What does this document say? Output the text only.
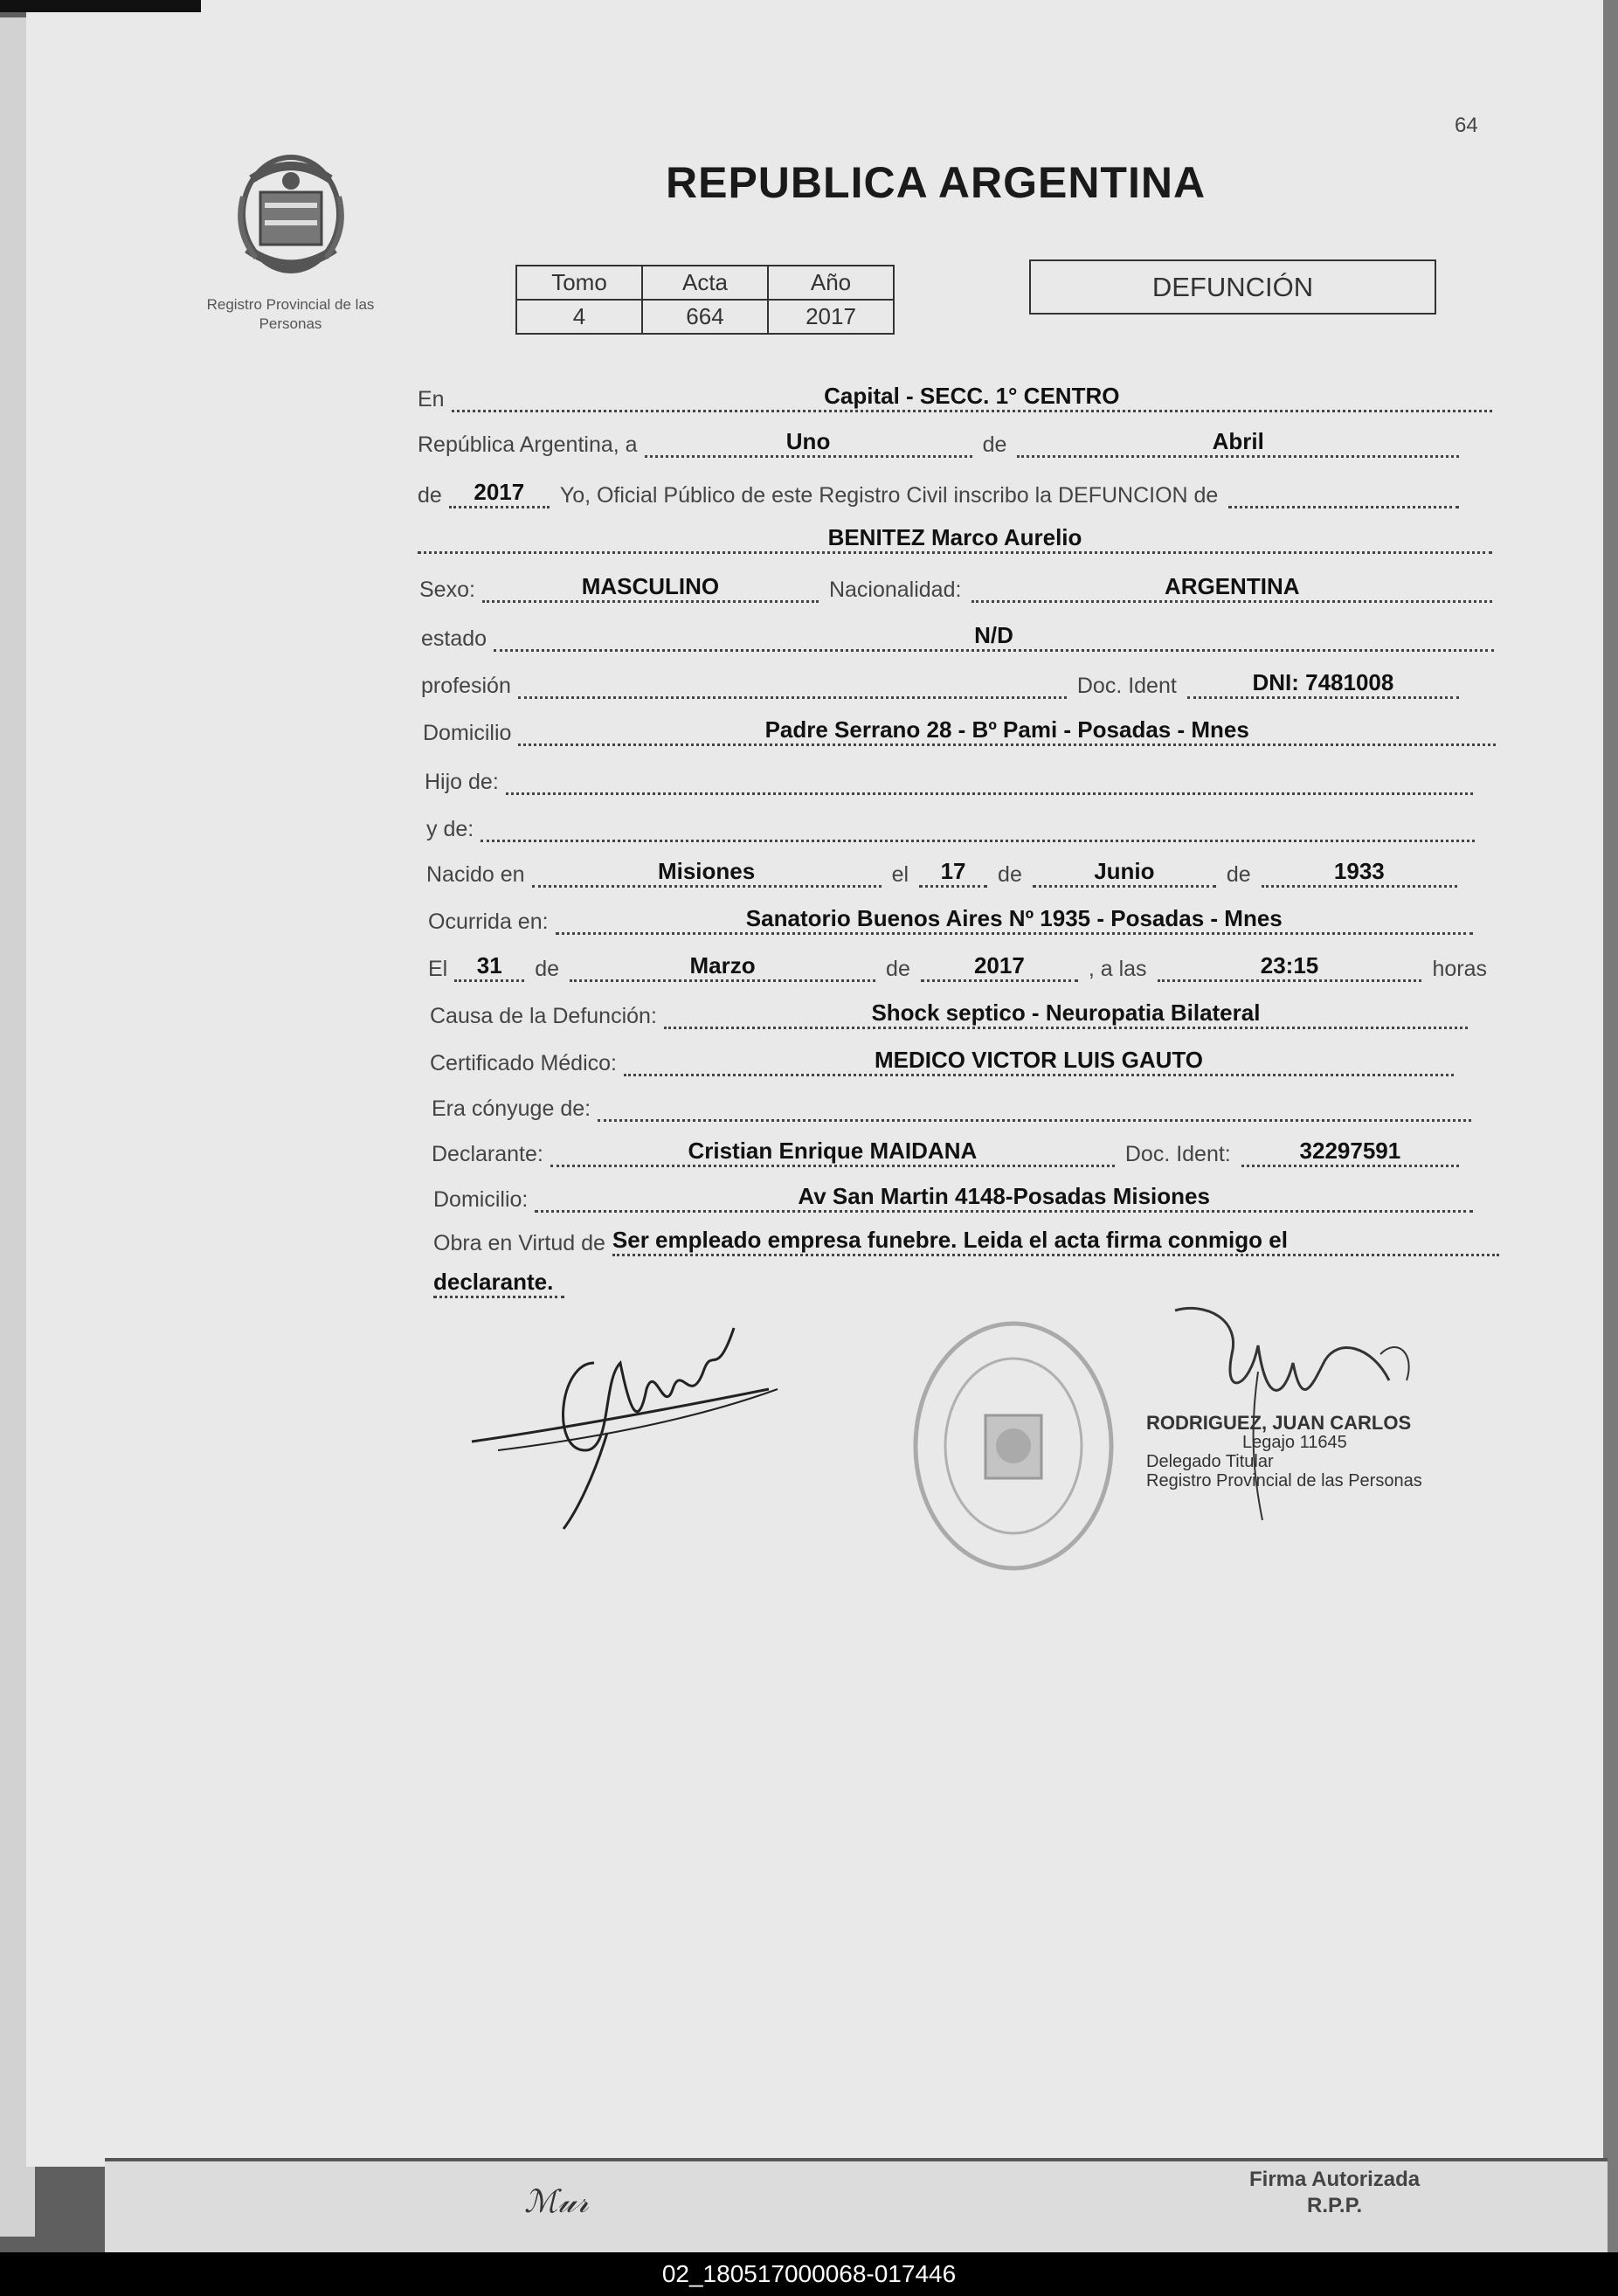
64
Registro Provincial de las Personas
REPUBLICA ARGENTINA
Tomo	Acta	Año
4	664	2017
DEFUNCIÓN
En	Capital - SECC. 1° CENTRO
República Argentina, a	Uno	de	Abril
de	2017	Yo, Oficial Público de este Registro Civil inscribo la DEFUNCION de
BENITEZ Marco Aurelio
Sexo:	MASCULINO	Nacionalidad:	ARGENTINA
estado	N/D
profesión	Doc. Ident	DNI: 7481008
Domicilio	Padre Serrano 28 - Bº Pami - Posadas - Mnes
Hijo de:
y de:
Nacido en	Misiones	el	17	de	Junio	de	1933
Ocurrida en:	Sanatorio Buenos Aires Nº 1935 - Posadas - Mnes
El	31	de	Marzo	de	2017	, a las	23:15	horas
Causa de la Defunción:	Shock septico - Neuropatia Bilateral
Certificado Médico:	MEDICO VICTOR LUIS GAUTO
Era cónyuge de:
Declarante:	Cristian Enrique MAIDANA	Doc. Ident:	32297591
Domicilio:	Av San Martin 4148-Posadas Misiones
Obra en Virtud de Ser empleado empresa funebre. Leida el acta firma conmigo el
declarante.
RODRIGUEZ, JUAN CARLOS
Legajo 11645
Delegado Titular
Registro Provincial de las Personas
ℳ𝓊𝓇
Firma Autorizada
R.P.P.
02_180517000068-017446
